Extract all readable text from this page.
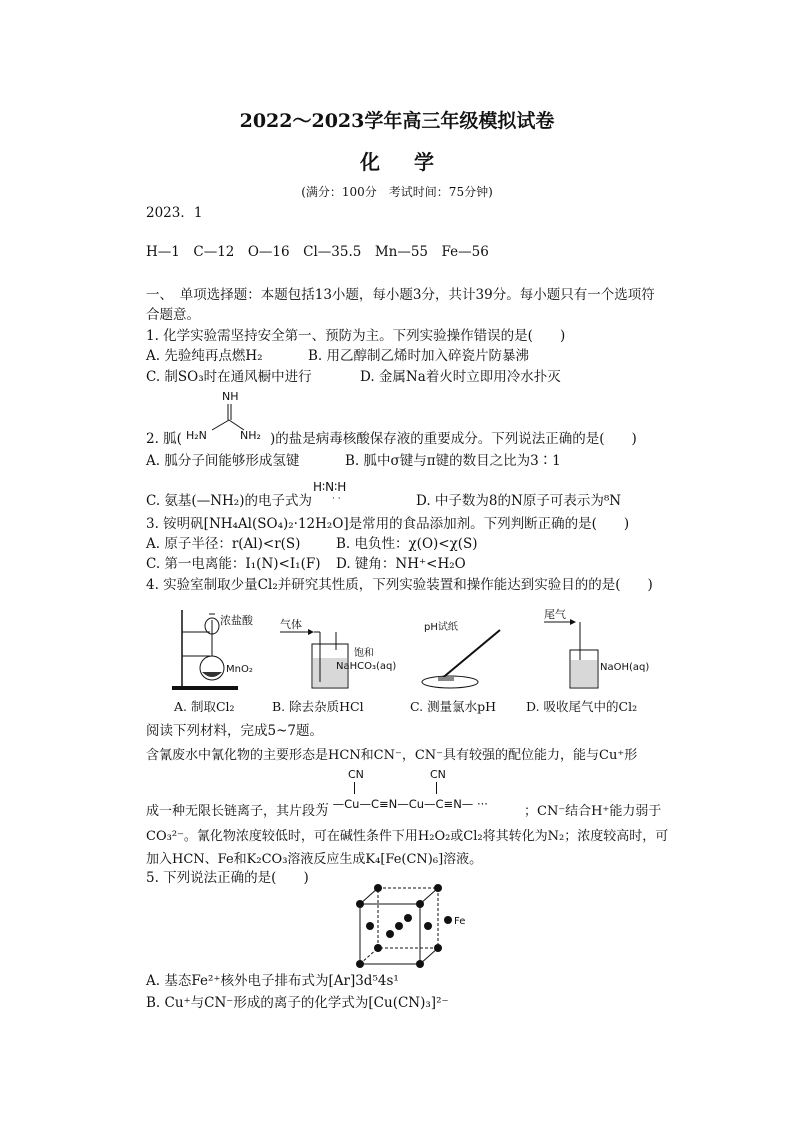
2022～2023学年高三年级模拟试卷
化学
(满分：100分　考试时间：75分钟)
2023．1
H—1　C—12　O—16　Cl—35.5　Mn—55　Fe—56
一、　单项选择题：本题包括13小题，每小题3分，共计39分。每小题只有一个选项符
合题意。
1. 化学实验需坚持安全第一、预防为主。下列实验操作错误的是(　　)
A. 先验纯再点燃H₂	B. 用乙醇制乙烯时加入碎瓷片防暴沸
C. 制SO₃时在通风橱中进行	D. 金属Na着火时立即用冷水扑灭
2. 胍(
NH
H₂N	NH₂ )的盐是病毒核酸保存液的重要成分。下列说法正确的是(　　)
A. 胍分子间能够形成氢键	B. 胍中σ键与π键的数目之比为3∶1
C. 氨基(—NH₂)的电子式为
H∶N∶H
· ·	D. 中子数为8的N原子可表示为⁸N
3. 铵明矾[NH₄Al(SO₄)₂·12H₂O]是常用的食品添加剂。下列判断正确的是(　　)
A. 原子半径：r(Al)<r(S)	B. 电负性：χ(O)<χ(S)
C. 第一电离能：I₁(N)<I₁(F) D. 键角：NH⁺<H₂O
4. 实验室制取少量Cl₂并研究其性质，下列实验装置和操作能达到实验目的的是(　　)
浓盐酸
MnO₂
气体
饱和
NaHCO₃(aq)
pH试纸
尾气
NaOH(aq)
A. 制取Cl₂	B. 除去杂质HCl	C. 测量氯水pH D. 吸收尾气中的Cl₂
阅读下列材料，完成5~7题。
含氰废水中氰化物的主要形态是HCN和CN⁻，CN⁻具有较强的配位能力，能与Cu⁺形
CN	CN
成一种无限长链离子，其片段为
··· —Cu—C≡N—Cu—C≡N— ···	；CN⁻结合H⁺能力弱于
CO₃²⁻。氰化物浓度较低时，可在碱性条件下用H₂O₂或Cl₂将其转化为N₂；浓度较高时，可
加入HCN、Fe和K₂CO₃溶液反应生成K₄[Fe(CN)₆]溶液。
5. 下列说法正确的是(　　)
Fe
A. 基态Fe²⁺核外电子排布式为[Ar]3d⁵4s¹
B. Cu⁺与CN⁻形成的离子的化学式为[Cu(CN)₃]²⁻
